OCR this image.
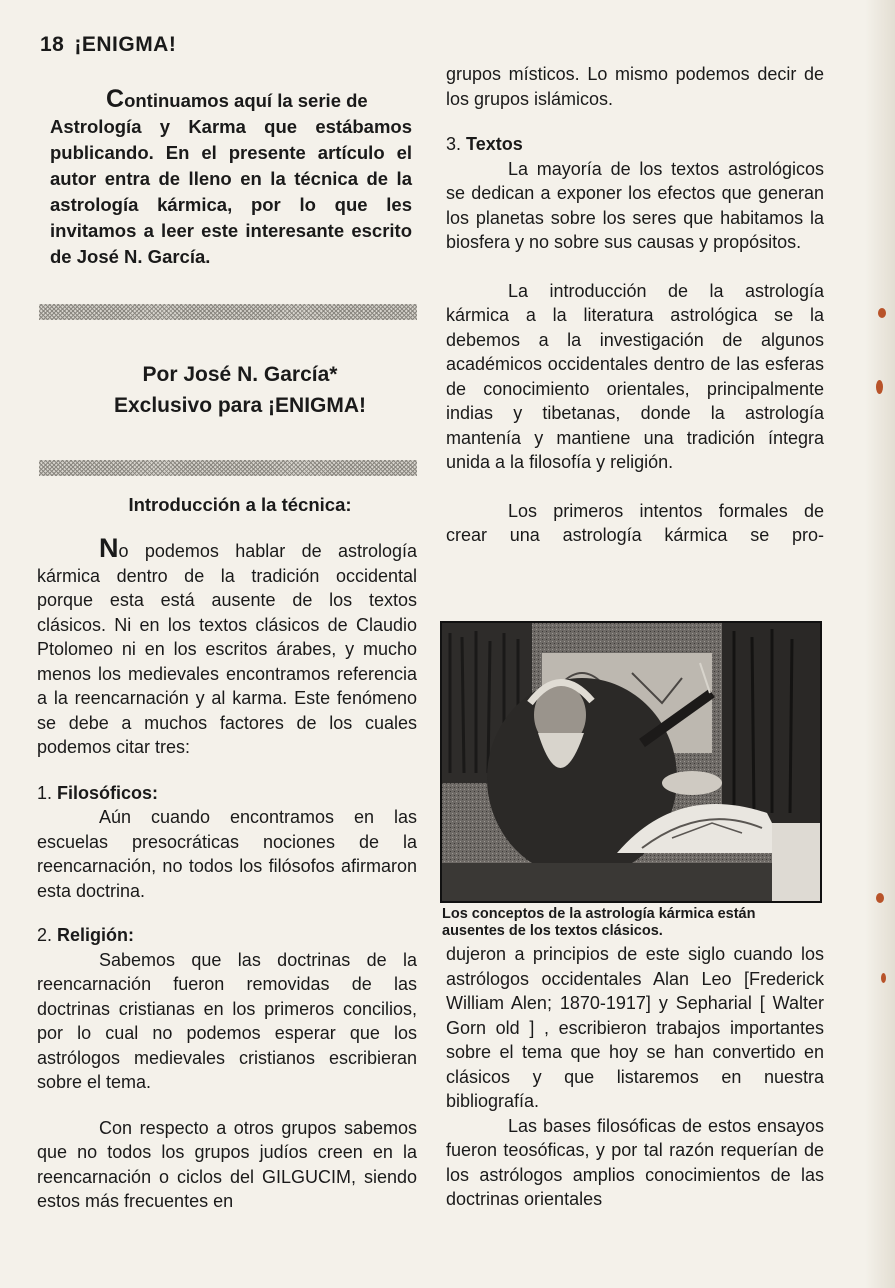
18 ¡ENIGMA!
Continuamos aquí la serie de
Astrología y Karma que estábamos publicando. En el presente artículo el autor entra de lleno en la técnica de la astrología kármica, por lo que les invitamos a leer este interesante escrito de José N. García.
Por José N. García*
Exclusivo para ¡ENIGMA!
Introducción a la técnica:

No podemos hablar de astrología kármica dentro de la tradición occidental porque esta está ausente de los textos clásicos. Ni en los textos clásicos de Claudio Ptolomeo ni en los escritos árabes, y mucho menos los medievales encontramos referencia a la reencarnación y al karma. Este fenómeno se debe a muchos factores de los cuales podemos citar tres:

1. Filosóficos:

Aún cuando encontramos en las escuelas presocráticas nociones de la reencarnación, no todos los filósofos afirmaron esta doctrina.

2. Religión:

Sabemos que las doctrinas de la reencarnación fueron removidas de las doctrinas cristianas en los primeros concilios, por lo cual no podemos esperar que los astrólogos medievales cristianos escribieran sobre el tema.

Con respecto a otros grupos sabemos que no todos los grupos judíos creen en la reencarnación o ciclos del GILGUCIM, siendo estos más frecuentes en

grupos místicos. Lo mismo podemos decir de los grupos islámicos.

3. Textos

La mayoría de los textos astrológicos se dedican a exponer los efectos que generan los planetas sobre los seres que habitamos la biosfera y no sobre sus causas y propósitos.

La introducción de la astrología kármica a la literatura astrológica se la debemos a la investigación de algunos académicos occidentales dentro de las esferas de conocimiento orientales, principalmente indias y tibetanas, donde la astrología mantenía y mantiene una tradición íntegra unida a la filosofía y religión.

Los primeros intentos formales de crear una astrología kármica se pro-

Los conceptos de la astrología kármica están ausentes de los textos clásicos.

dujeron a principios de este siglo cuando los astrólogos occidentales Alan Leo [Frederick William Alen; 1870-1917] y Sepharial [ Walter Gorn old ] , escribieron trabajos importantes sobre el tema que hoy se han convertido en clásicos y que listaremos en nuestra bibliografía.

Las bases filosóficas de estos ensayos fueron teosóficas, y por tal razón requerían de los astrólogos amplios conocimientos de las doctrinas orientales
